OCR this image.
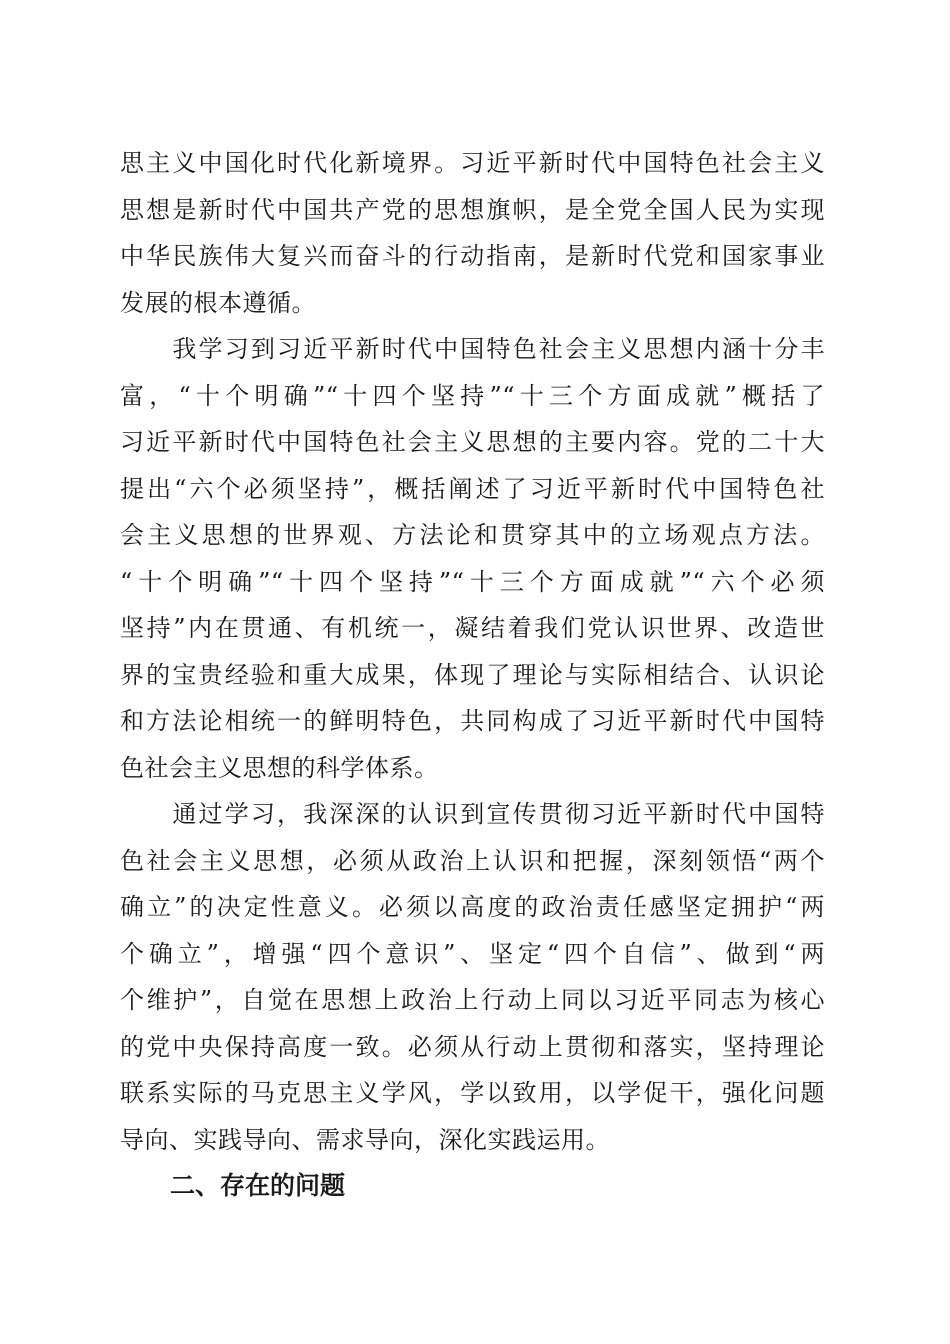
思主义中国化时代化新境界。习近平新时代中国特色社会主义
思想是新时代中国共产党的思想旗帜，是全党全国人民为实现
中华民族伟大复兴而奋斗的行动指南，是新时代党和国家事业
发展的根本遵循。
　　我学习到习近平新时代中国特色社会主义思想内涵十分丰
富，“十个明确”“十四个坚持”“十三个方面成就”概括了
习近平新时代中国特色社会主义思想的主要内容。党的二十大
提出“六个必须坚持”，概括阐述了习近平新时代中国特色社
会主义思想的世界观、方法论和贯穿其中的立场观点方法。
“十个明确”“十四个坚持”“十三个方面成就”“六个必须
坚持”内在贯通、有机统一，凝结着我们党认识世界、改造世
界的宝贵经验和重大成果，体现了理论与实际相结合、认识论
和方法论相统一的鲜明特色，共同构成了习近平新时代中国特
色社会主义思想的科学体系。
　　通过学习，我深深的认识到宣传贯彻习近平新时代中国特
色社会主义思想，必须从政治上认识和把握，深刻领悟“两个
确立”的决定性意义。必须以高度的政治责任感坚定拥护“两
个确立”，增强“四个意识”、坚定“四个自信”、做到“两
个维护”，自觉在思想上政治上行动上同以习近平同志为核心
的党中央保持高度一致。必须从行动上贯彻和落实，坚持理论
联系实际的马克思主义学风，学以致用，以学促干，强化问题
导向、实践导向、需求导向，深化实践运用。
二、存在的问题
